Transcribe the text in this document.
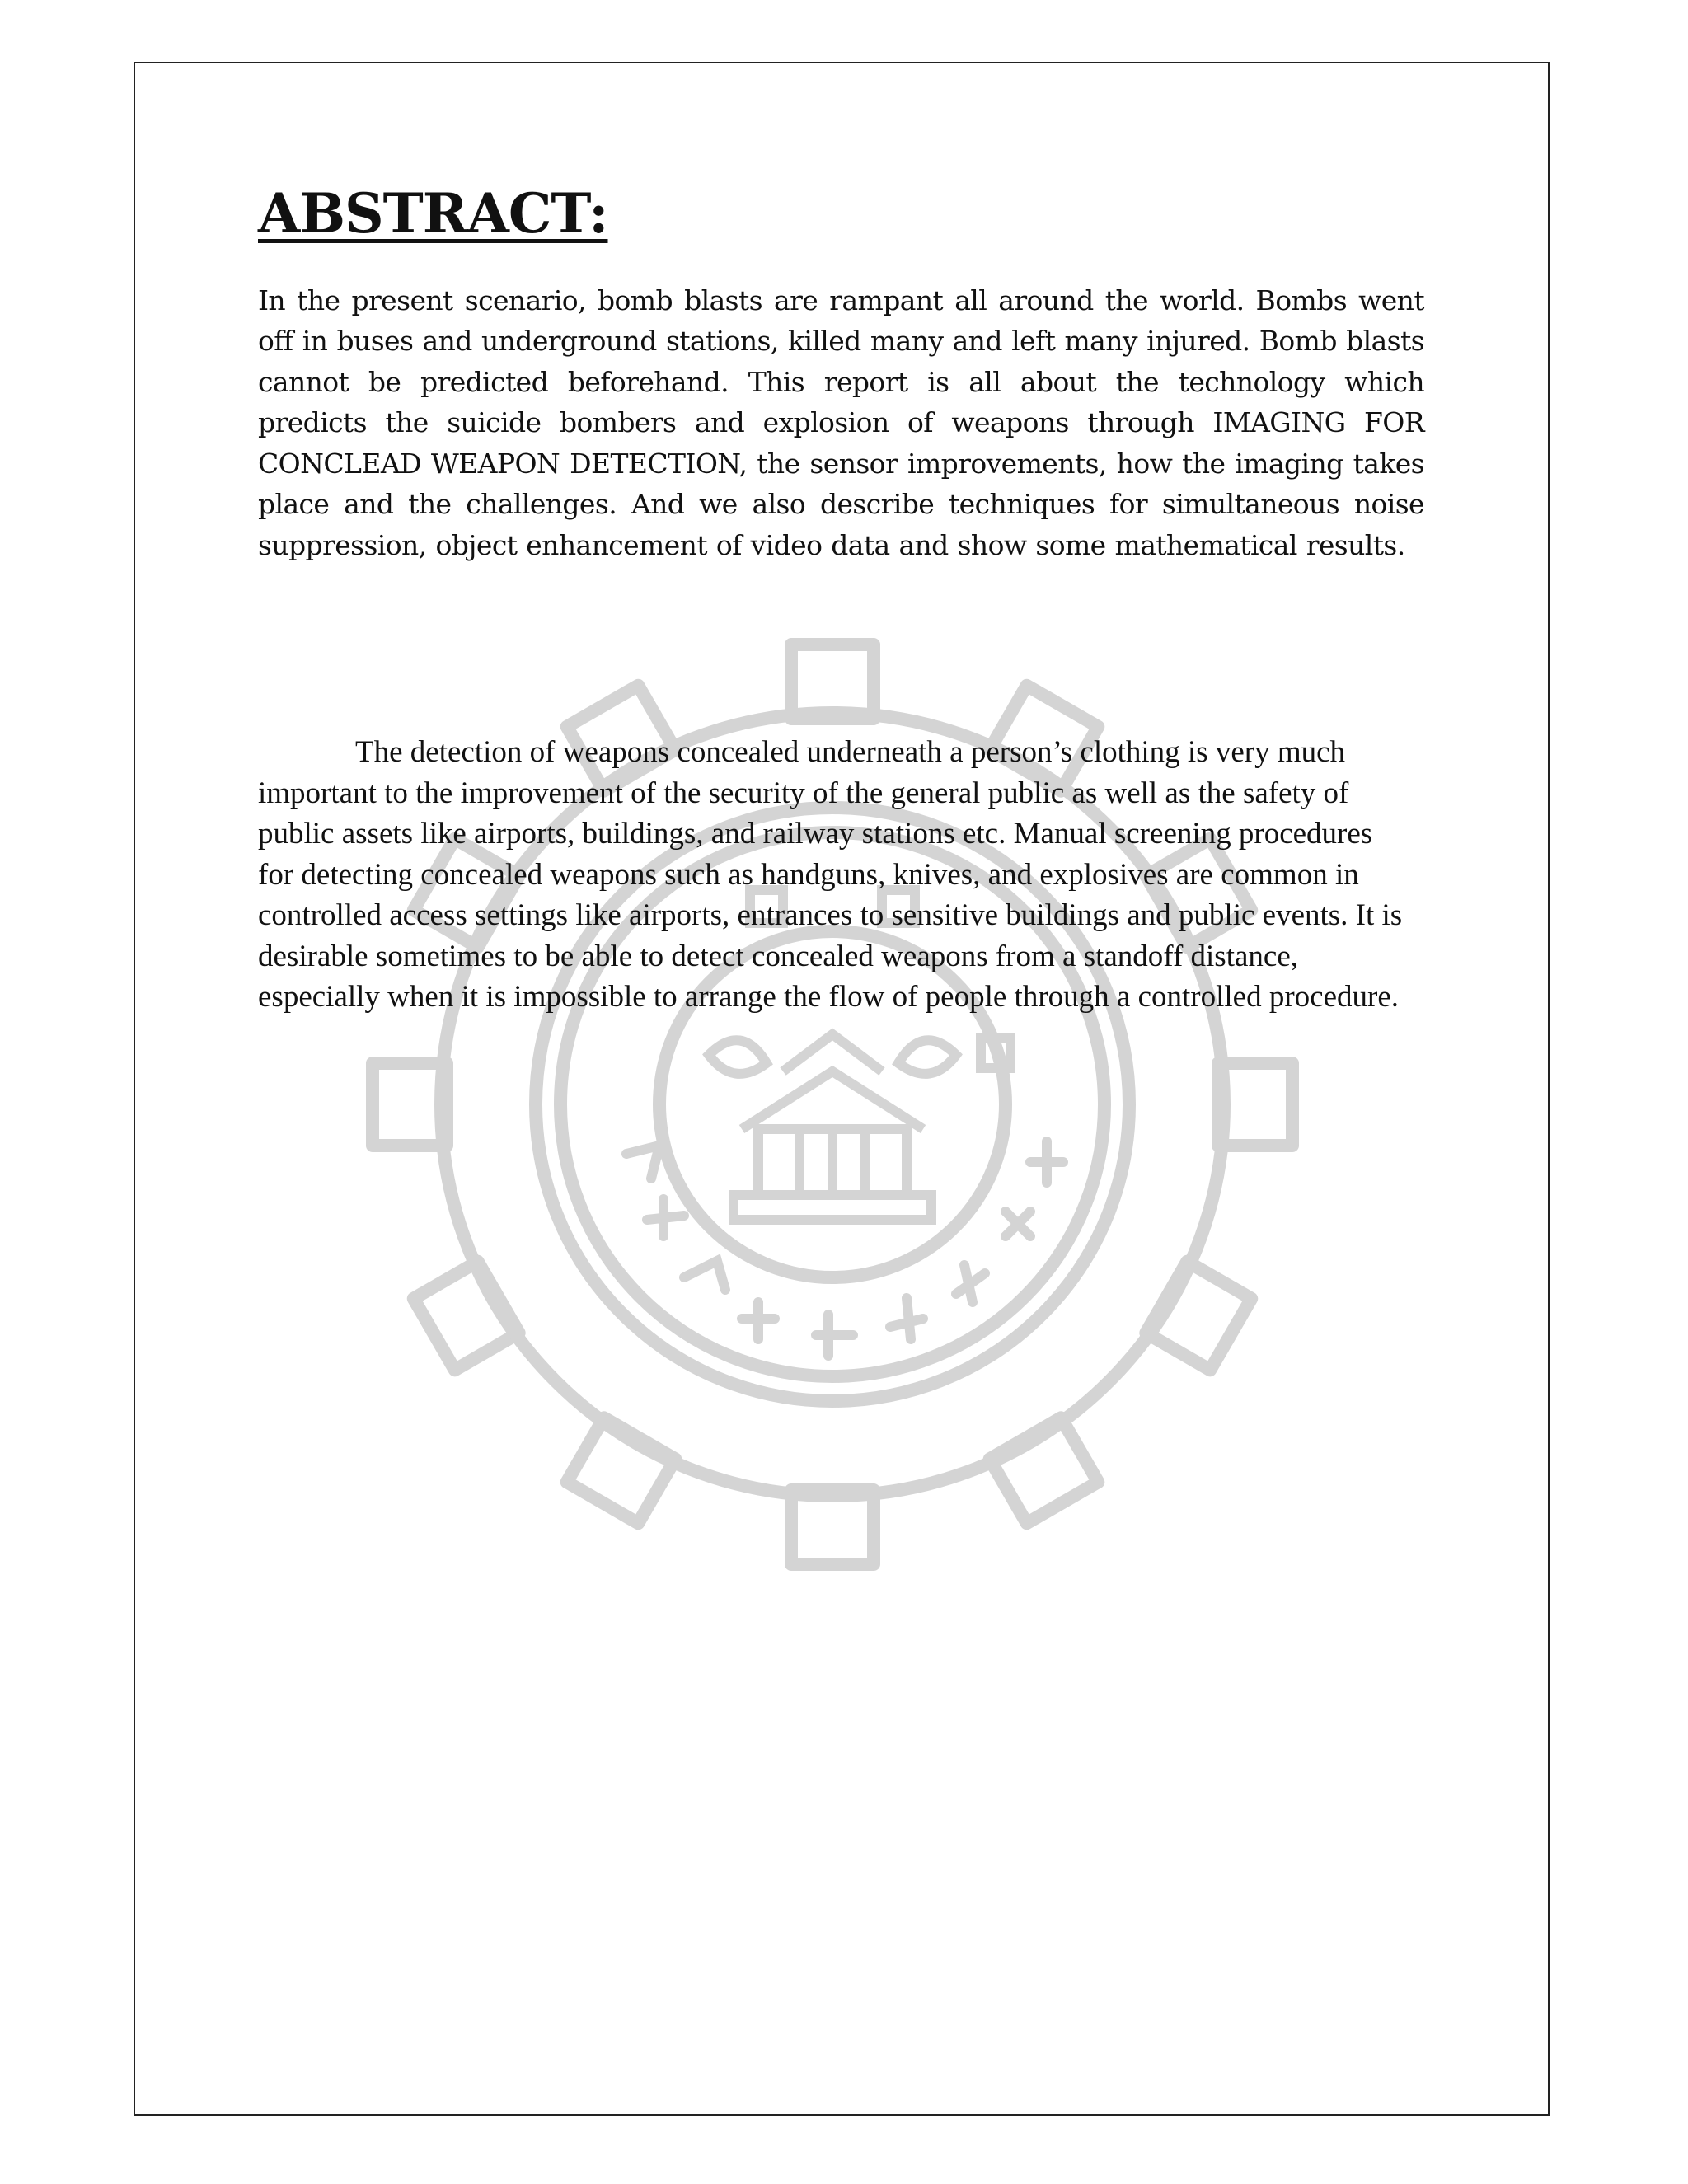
ABSTRACT:

In the present scenario, bomb blasts are rampant all around the world. Bombs went off in buses and underground stations, killed many and left many injured. Bomb blasts cannot be predicted beforehand. This report is all about the technology which predicts the suicide bombers and explosion of weapons through IMAGING FOR CONCLEAD WEAPON DETECTION, the sensor improvements, how the imaging takes place and the challenges. And we also describe techniques for simultaneous noise suppression, object enhancement of video data and show some mathematical results.

The detection of weapons concealed underneath a person’s clothing is very much important to the improvement of the security of the general public as well as the safety of public assets like airports, buildings, and railway stations etc. Manual screening procedures for detecting concealed weapons such as handguns, knives, and explosives are common in controlled access settings like airports, entrances to sensitive buildings and public events. It is desirable sometimes to be able to detect concealed weapons from a standoff distance, especially when it is impossible to arrange the flow of people through a controlled procedure.
